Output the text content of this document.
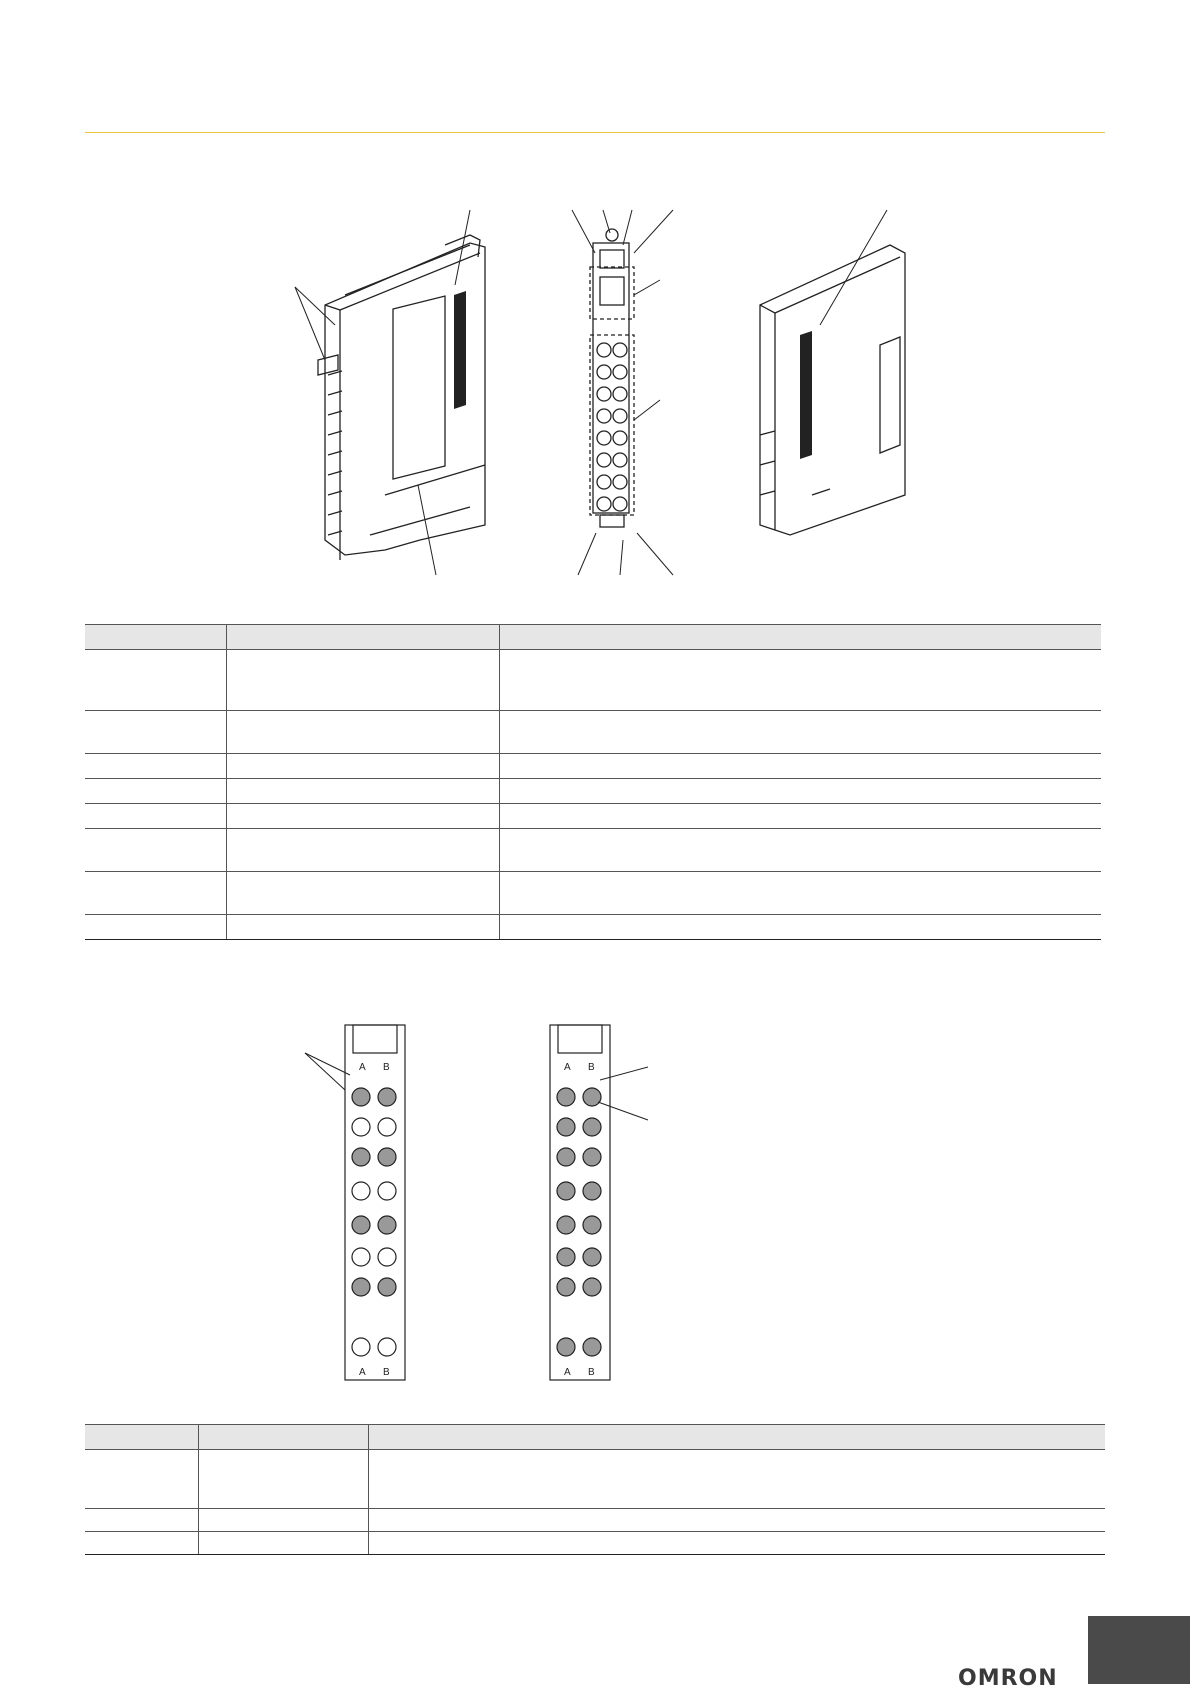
A B
A B
A B
A B

OMRON
